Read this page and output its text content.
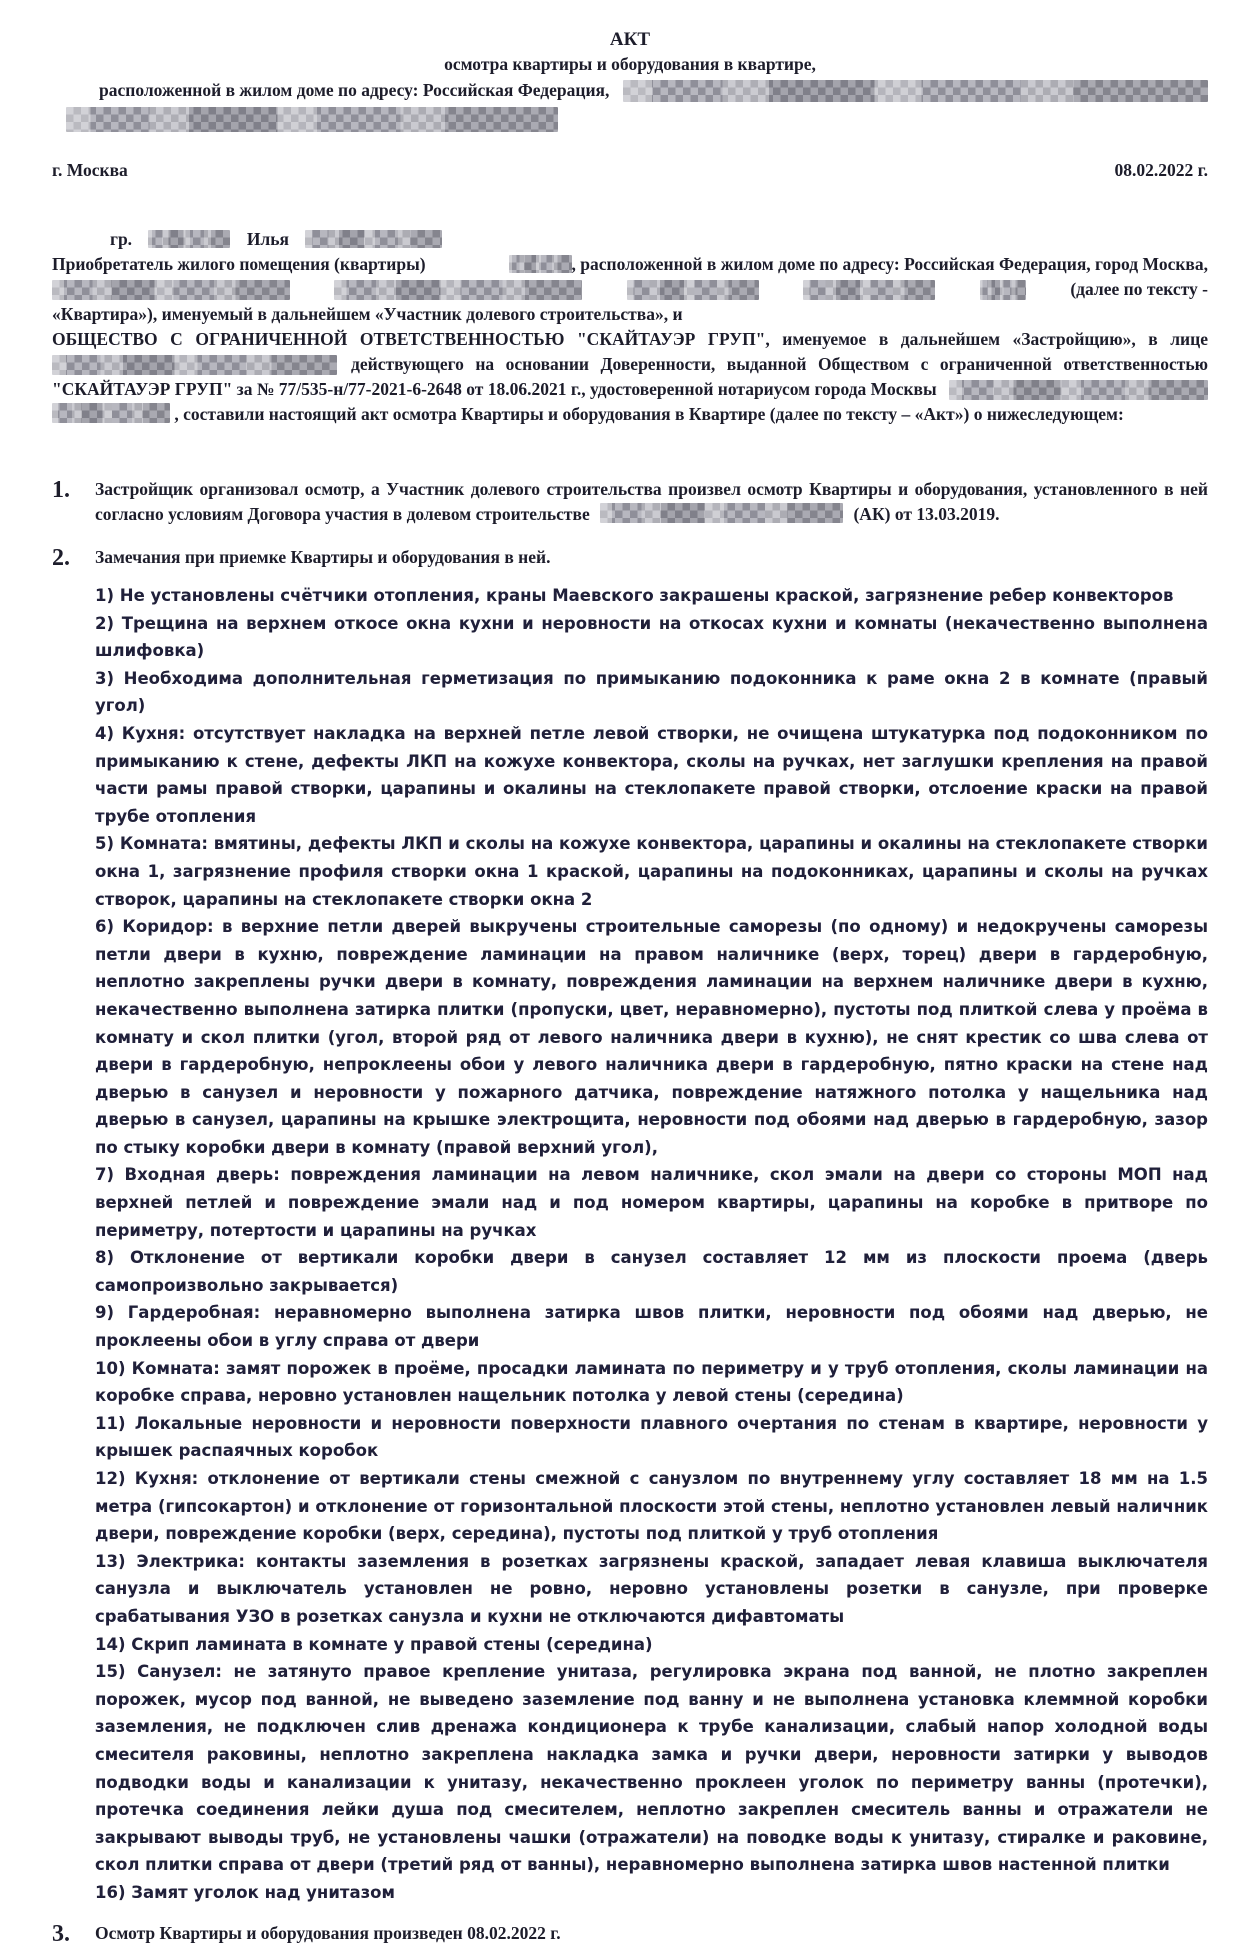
АКТ
осмотра квартиры и оборудования в квартире,
расположенной в жилом доме по адресу: Российская Федерация,
г. Москва	08.02.2022 г.
гр.	Илья
Приобретатель жилого помещения (квартиры)	, расположенной в жилом доме по адресу: Российская Федерация, город Москва,
(далее по тексту -
«Квартира»), именуемый в дальнейшем «Участник долевого строительства», и
ОБЩЕСТВО С ОГРАНИЧЕННОЙ ОТВЕТСТВЕННОСТЬЮ "СКАЙТАУЭР ГРУП", именуемое в дальнейшем «Застройщию», в лице
действующего на основании Доверенности, выданной Обществом с ограниченной ответственностью
"СКАЙТАУЭР ГРУП" за № 77/535-н/77-2021-6-2648 от 18.06.2021 г., удостоверенной нотариусом города Москвы
, составили настоящий акт осмотра Квартиры и оборудования в Квартире (далее по тексту – «Акт») о нижеследующем:
1.	Застройщик организовал осмотр, а Участник долевого строительства произвел осмотр Квартиры и оборудования, установленного в ней согласно условиям Договора участия в долевом строительстве	(АК) от 13.03.2019.
2.	Замечания при приемке Квартиры и оборудования в ней.

1) Не установлены счётчики отопления, краны Маевского закрашены краской, загрязнение ребер конвекторов

2) Трещина на верхнем откосе окна кухни и неровности на откосах кухни и комнаты (некачественно выполнена шлифовка)

3) Необходима дополнительная герметизация по примыканию подоконника к раме окна 2 в комнате (правый угол)

4) Кухня: отсутствует накладка на верхней петле левой створки, не очищена штукатурка под подоконником по примыканию к стене, дефекты ЛКП на кожухе конвектора, сколы на ручках, нет заглушки крепления на правой части рамы правой створки, царапины и окалины на стеклопакете правой створки, отслоение краски на правой трубе отопления

5) Комната: вмятины, дефекты ЛКП и сколы на кожухе конвектора, царапины и окалины на стеклопакете створки окна 1, загрязнение профиля створки окна 1 краской, царапины на подоконниках, царапины и сколы на ручках створок, царапины на стеклопакете створки окна 2

6) Коридор: в верхние петли дверей выкручены строительные саморезы (по одному) и недокручены саморезы петли двери в кухню, повреждение ламинации на правом наличнике (верх, торец) двери в гардеробную, неплотно закреплены ручки двери в комнату, повреждения ламинации на верхнем наличнике двери в кухню, некачественно выполнена затирка плитки (пропуски, цвет, неравномерно), пустоты под плиткой слева у проёма в комнату и скол плитки (угол, второй ряд от левого наличника двери в кухню), не снят крестик со шва слева от двери в гардеробную, непроклеены обои у левого наличника двери в гардеробную, пятно краски на стене над дверью в санузел и неровности у пожарного датчика, повреждение натяжного потолка у нащельника над дверью в санузел, царапины на крышке электрощита, неровности под обоями над дверью в гардеробную, зазор по стыку коробки двери в комнату (правой верхний угол),

7) Входная дверь: повреждения ламинации на левом наличнике, скол эмали на двери со стороны МОП над верхней петлей и повреждение эмали над и под номером квартиры, царапины на коробке в притворе по периметру, потертости и царапины на ручках

8) Отклонение от вертикали коробки двери в санузел составляет 12 мм из плоскости проема (дверь самопроизвольно закрывается)

9) Гардеробная: неравномерно выполнена затирка швов плитки, неровности под обоями над дверью, не проклеены обои в углу справа от двери

10) Комната: замят порожек в проёме, просадки ламината по периметру и у труб отопления, сколы ламинации на коробке справа, неровно установлен нащельник потолка у левой стены (середина)

11) Локальные неровности и неровности поверхности плавного очертания по стенам в квартире, неровности у крышек распаячных коробок

12) Кухня: отклонение от вертикали стены смежной с санузлом по внутреннему углу составляет 18 мм на 1.5 метра (гипсокартон) и отклонение от горизонтальной плоскости этой стены, неплотно установлен левый наличник двери, повреждение коробки (верх, середина), пустоты под плиткой у труб отопления

13) Электрика: контакты заземления в розетках загрязнены краской, западает левая клавиша выключателя санузла и выключатель установлен не ровно, неровно установлены розетки в санузле, при проверке срабатывания УЗО в розетках санузла и кухни не отключаются дифавтоматы

14) Скрип ламината в комнате у правой стены (середина)

15) Санузел: не затянуто правое крепление унитаза, регулировка экрана под ванной, не плотно закреплен порожек, мусор под ванной, не выведено заземление под ванну и не выполнена установка клеммной коробки заземления, не подключен слив дренажа кондиционера к трубе канализации, слабый напор холодной воды смесителя раковины, неплотно закреплена накладка замка и ручки двери, неровности затирки у выводов подводки воды и канализации к унитазу, некачественно проклеен уголок по периметру ванны (протечки), протечка соединения лейки душа под смесителем, неплотно закреплен смеситель ванны и отражатели не закрывают выводы труб, не установлены чашки (отражатели) на поводке воды к унитазу, стиралке и раковине, скол плитки справа от двери (третий ряд от ванны), неравномерно выполнена затирка швов настенной плитки

16) Замят уголок над унитазом

3.	Осмотр Квартиры и оборудования произведен 08.02.2022 г.
